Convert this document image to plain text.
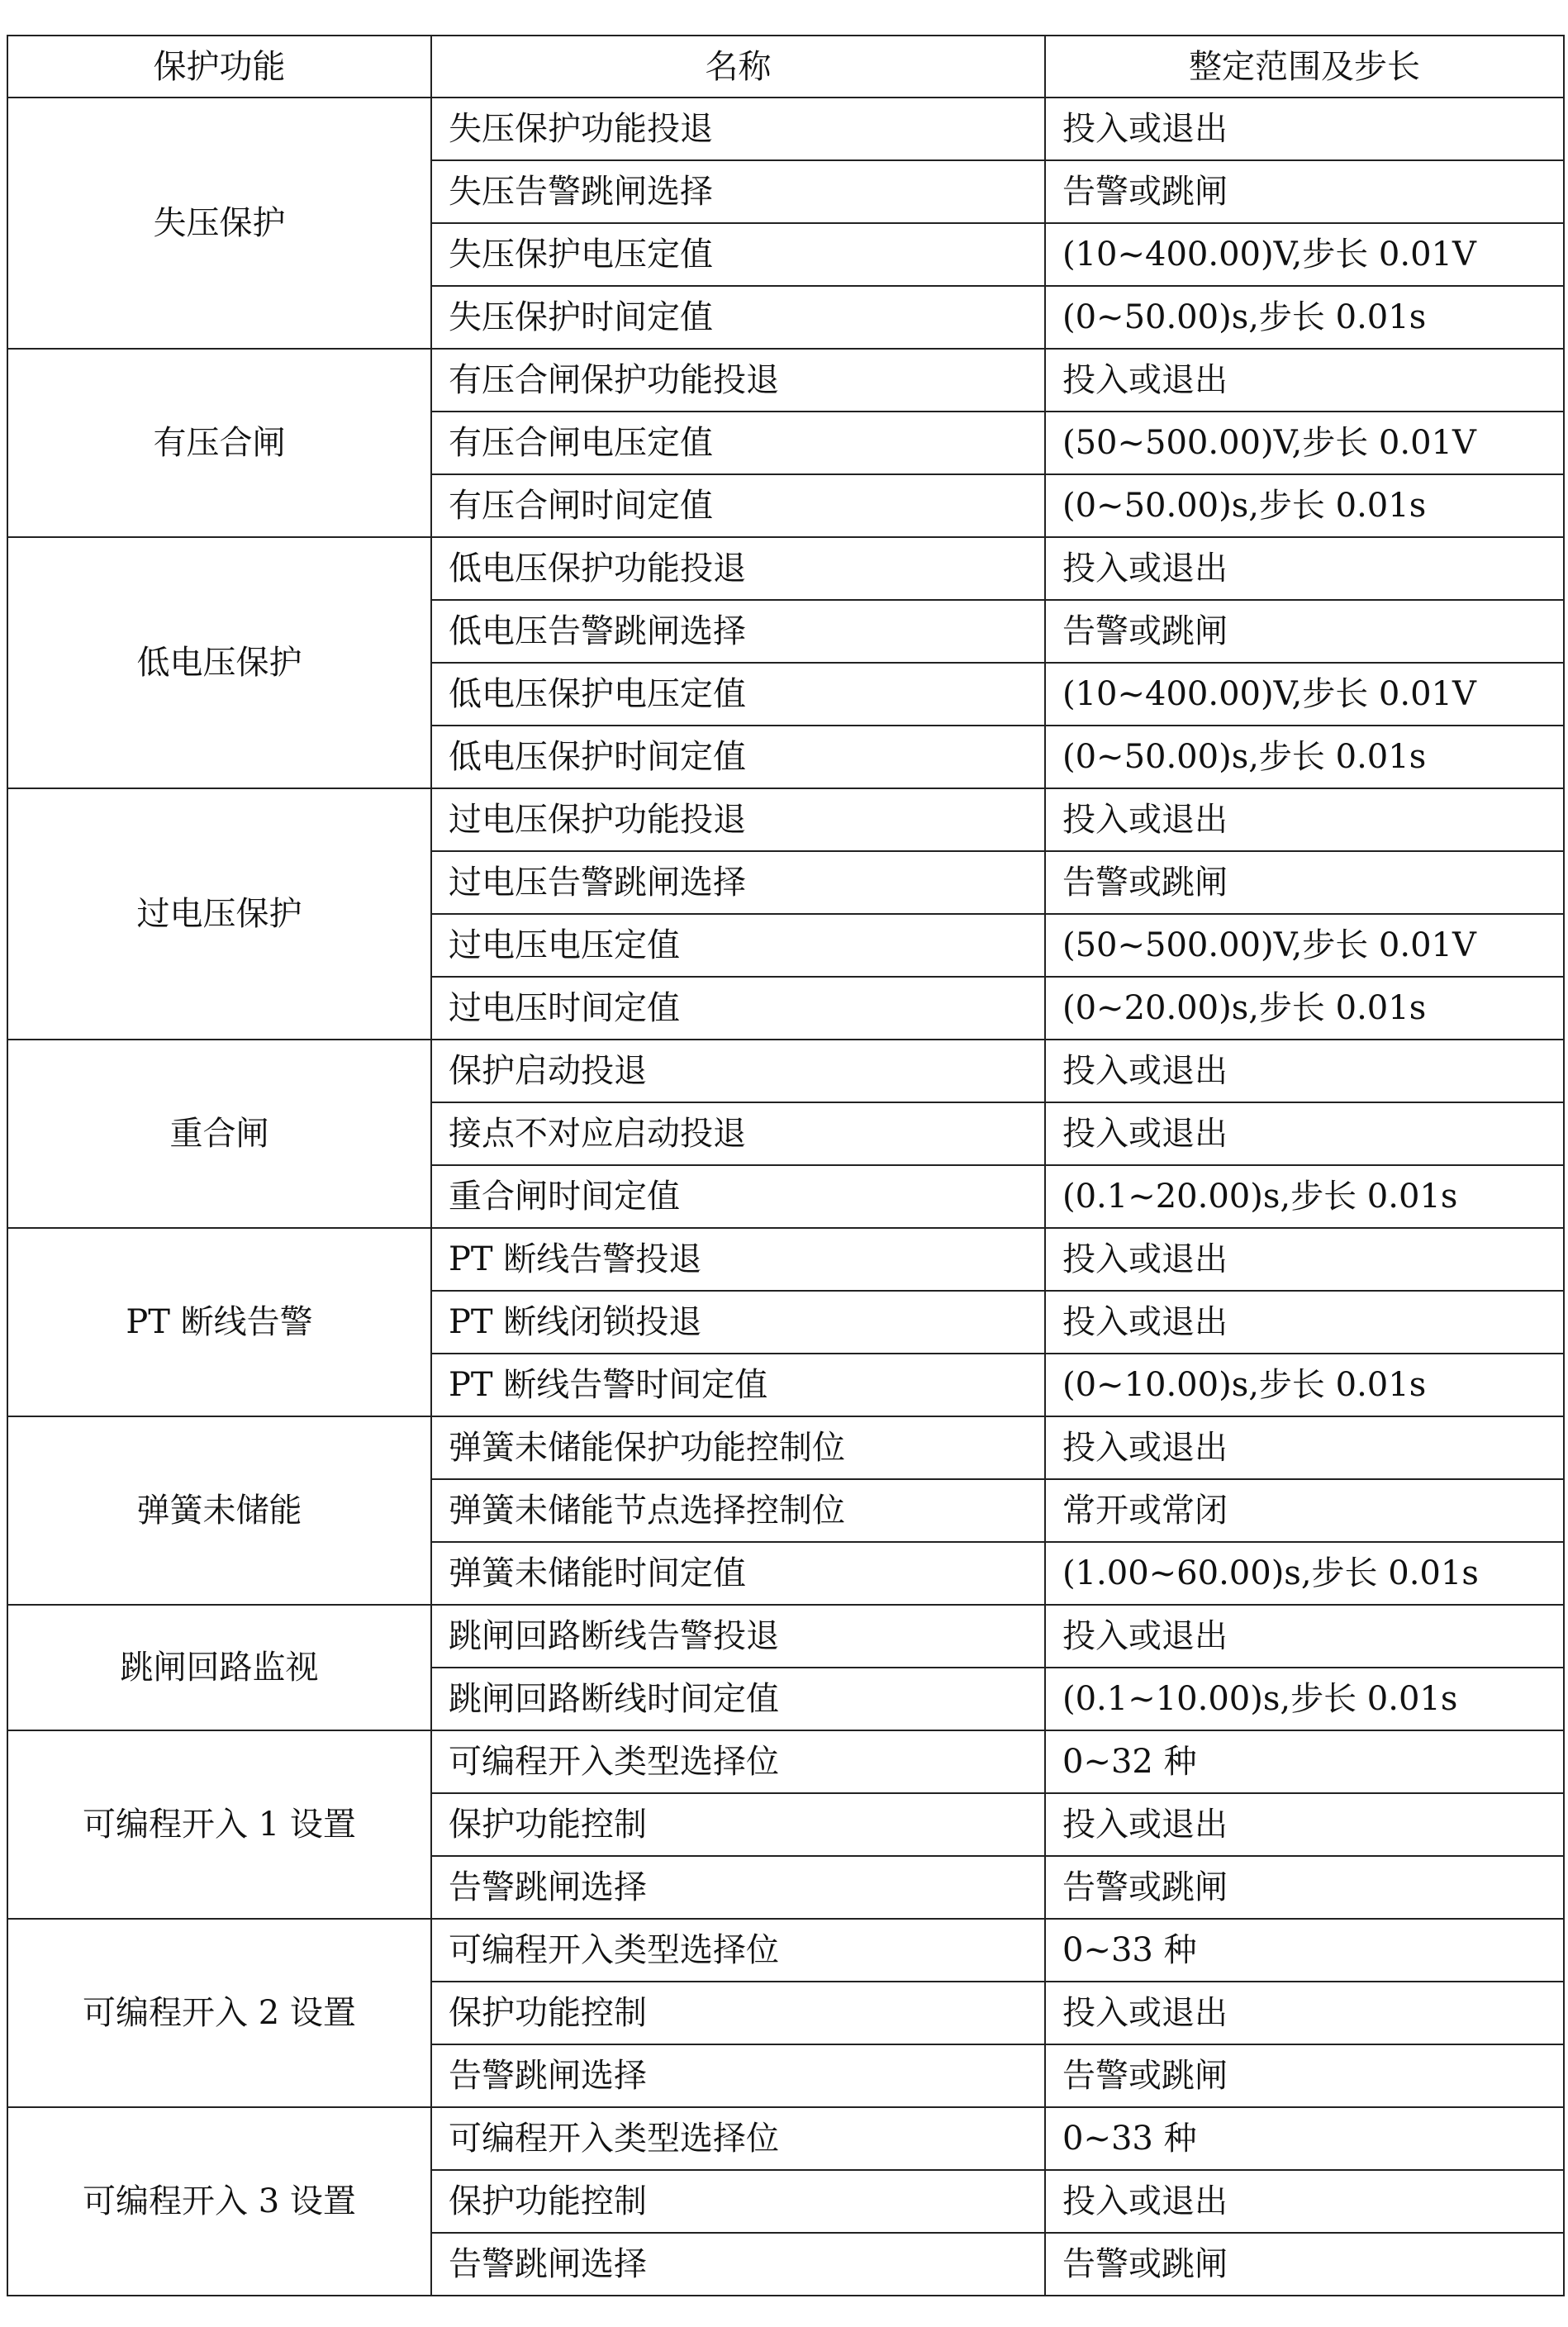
保护功能	名称	整定范围及步长
失压保护	失压保护功能投退	投入或退出
	失压告警跳闸选择	告警或跳闸
	失压保护电压定值	(10~400.00)V,步长 0.01V
	失压保护时间定值	(0~50.00)s,步长 0.01s
有压合闸	有压合闸保护功能投退	投入或退出
	有压合闸电压定值	(50~500.00)V,步长 0.01V
	有压合闸时间定值	(0~50.00)s,步长 0.01s
低电压保护	低电压保护功能投退	投入或退出
	低电压告警跳闸选择	告警或跳闸
	低电压保护电压定值	(10~400.00)V,步长 0.01V
	低电压保护时间定值	(0~50.00)s,步长 0.01s
过电压保护	过电压保护功能投退	投入或退出
	过电压告警跳闸选择	告警或跳闸
	过电压电压定值	(50~500.00)V,步长 0.01V
	过电压时间定值	(0~20.00)s,步长 0.01s
重合闸	保护启动投退	投入或退出
	接点不对应启动投退	投入或退出
	重合闸时间定值	(0.1~20.00)s,步长 0.01s
PT 断线告警	PT 断线告警投退	投入或退出
	PT 断线闭锁投退	投入或退出
	PT 断线告警时间定值	(0~10.00)s,步长 0.01s
弹簧未储能	弹簧未储能保护功能控制位	投入或退出
	弹簧未储能节点选择控制位	常开或常闭
	弹簧未储能时间定值	(1.00~60.00)s,步长 0.01s
跳闸回路监视	跳闸回路断线告警投退	投入或退出
	跳闸回路断线时间定值	(0.1~10.00)s,步长 0.01s
可编程开入 1 设置	可编程开入类型选择位	0~32 种
	保护功能控制	投入或退出
	告警跳闸选择	告警或跳闸
可编程开入 2 设置	可编程开入类型选择位	0~33 种
	保护功能控制	投入或退出
	告警跳闸选择	告警或跳闸
可编程开入 3 设置	可编程开入类型选择位	0~33 种
	保护功能控制	投入或退出
	告警跳闸选择	告警或跳闸
